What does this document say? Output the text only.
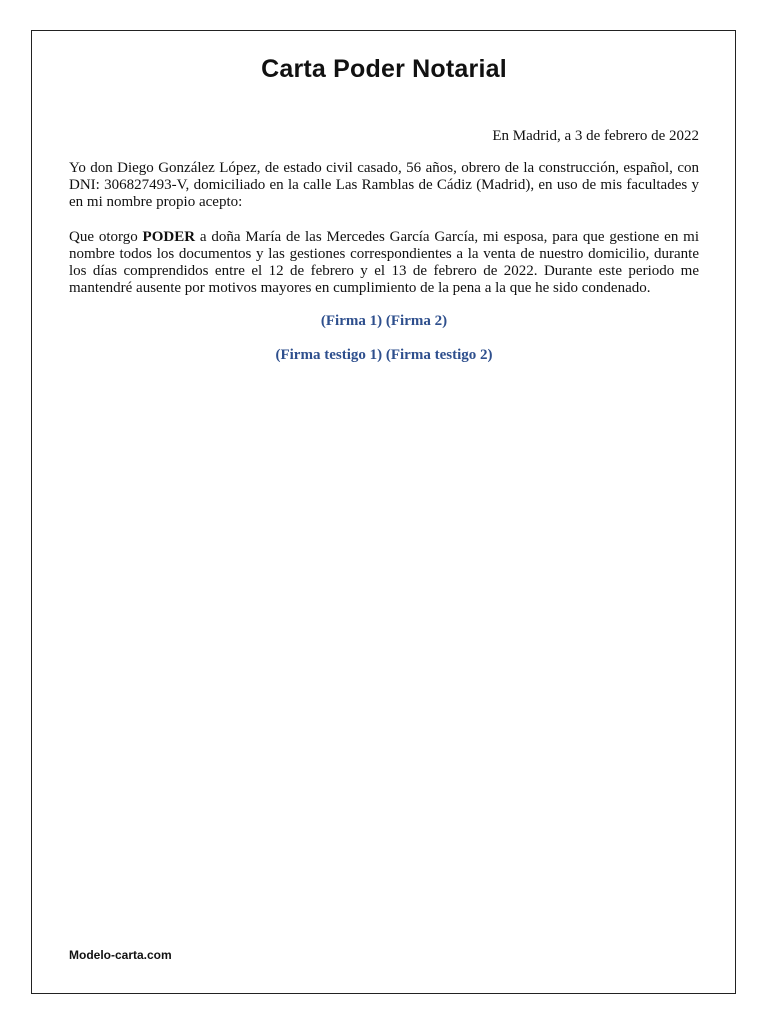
Carta Poder Notarial
En Madrid, a 3 de febrero de 2022

Yo don Diego González López, de estado civil casado, 56 años, obrero de la construcción, español, con DNI: 306827493-V, domiciliado en la calle Las Ramblas de Cádiz (Madrid), en uso de mis facultades y en mi nombre propio acepto:

Que otorgo PODER a doña María de las Mercedes García García, mi esposa, para que gestione en mi nombre todos los documentos y las gestiones correspondientes a la venta de nuestro domicilio, durante los días comprendidos entre el 12 de febrero y el 13 de febrero de 2022. Durante este periodo me mantendré ausente por motivos mayores en cumplimiento de la pena a la que he sido condenado.

(Firma 1) (Firma 2)
(Firma testigo 1) (Firma testigo 2)
Modelo-carta.com
